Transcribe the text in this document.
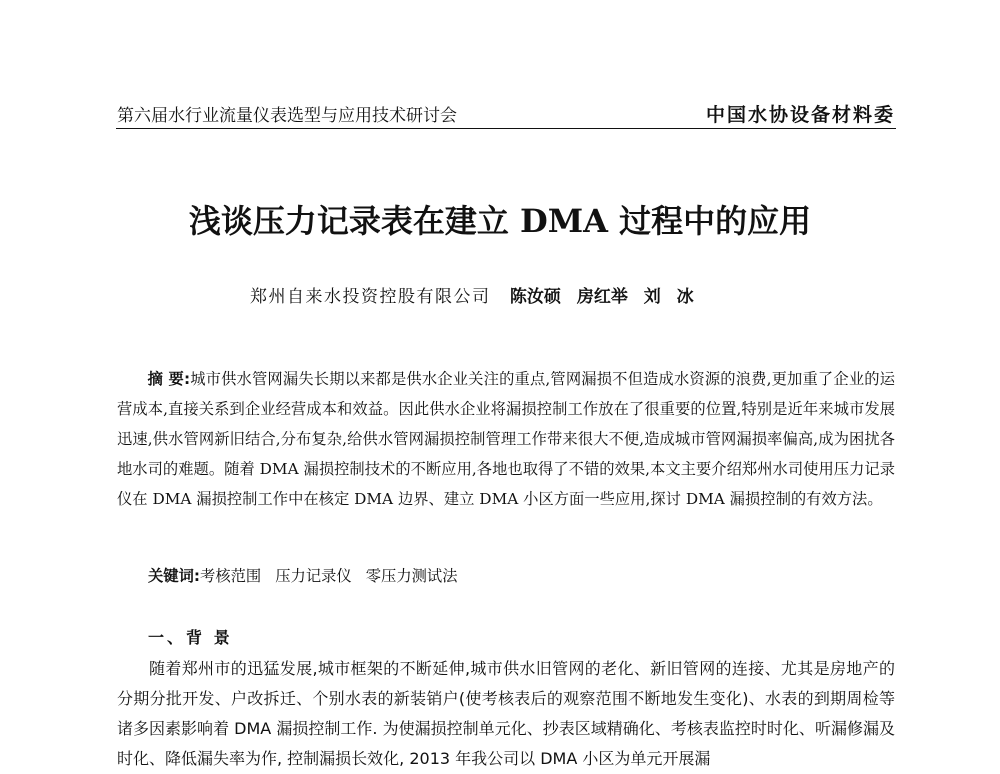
第六届水行业流量仪表选型与应用技术研讨会	中国水协设备材料委
浅谈压力记录表在建立 DMA 过程中的应用
郑州自来水投资控股有限公司 陈汝硕 房红举 刘 冰
摘 要:城市供水管网漏失长期以来都是供水企业关注的重点,管网漏损不但造成水资源的浪费,更加重了企业的运营成本,直接关系到企业经营成本和效益。因此供水企业将漏损控制工作放在了很重要的位置,特别是近年来城市发展迅速,供水管网新旧结合,分布复杂,给供水管网漏损控制管理工作带来很大不便,造成城市管网漏损率偏高,成为困扰各地水司的难题。随着 DMA 漏损控制技术的不断应用,各地也取得了不错的效果,本文主要介绍郑州水司使用压力记录仪在 DMA 漏损控制工作中在核定 DMA 边界、建立 DMA 小区方面一些应用,探讨 DMA 漏损控制的有效方法。
关键词:考核范围 压力记录仪 零压力测试法
一、背 景
随着郑州市的迅猛发展,城市框架的不断延伸,城市供水旧管网的老化、新旧管网的连接、尤其是房地产的分期分批开发、户改拆迁、个别水表的新装销户(使考核表后的观察范围不断地发生变化)、水表的到期周检等诸多因素影响着 DMA 漏损控制工作. 为使漏损控制单元化、抄表区域精确化、考核表监控时时化、听漏修漏及时化、降低漏失率为作, 控制漏损长效化, 2013 年我公司以 DMA 小区为单元开展漏
